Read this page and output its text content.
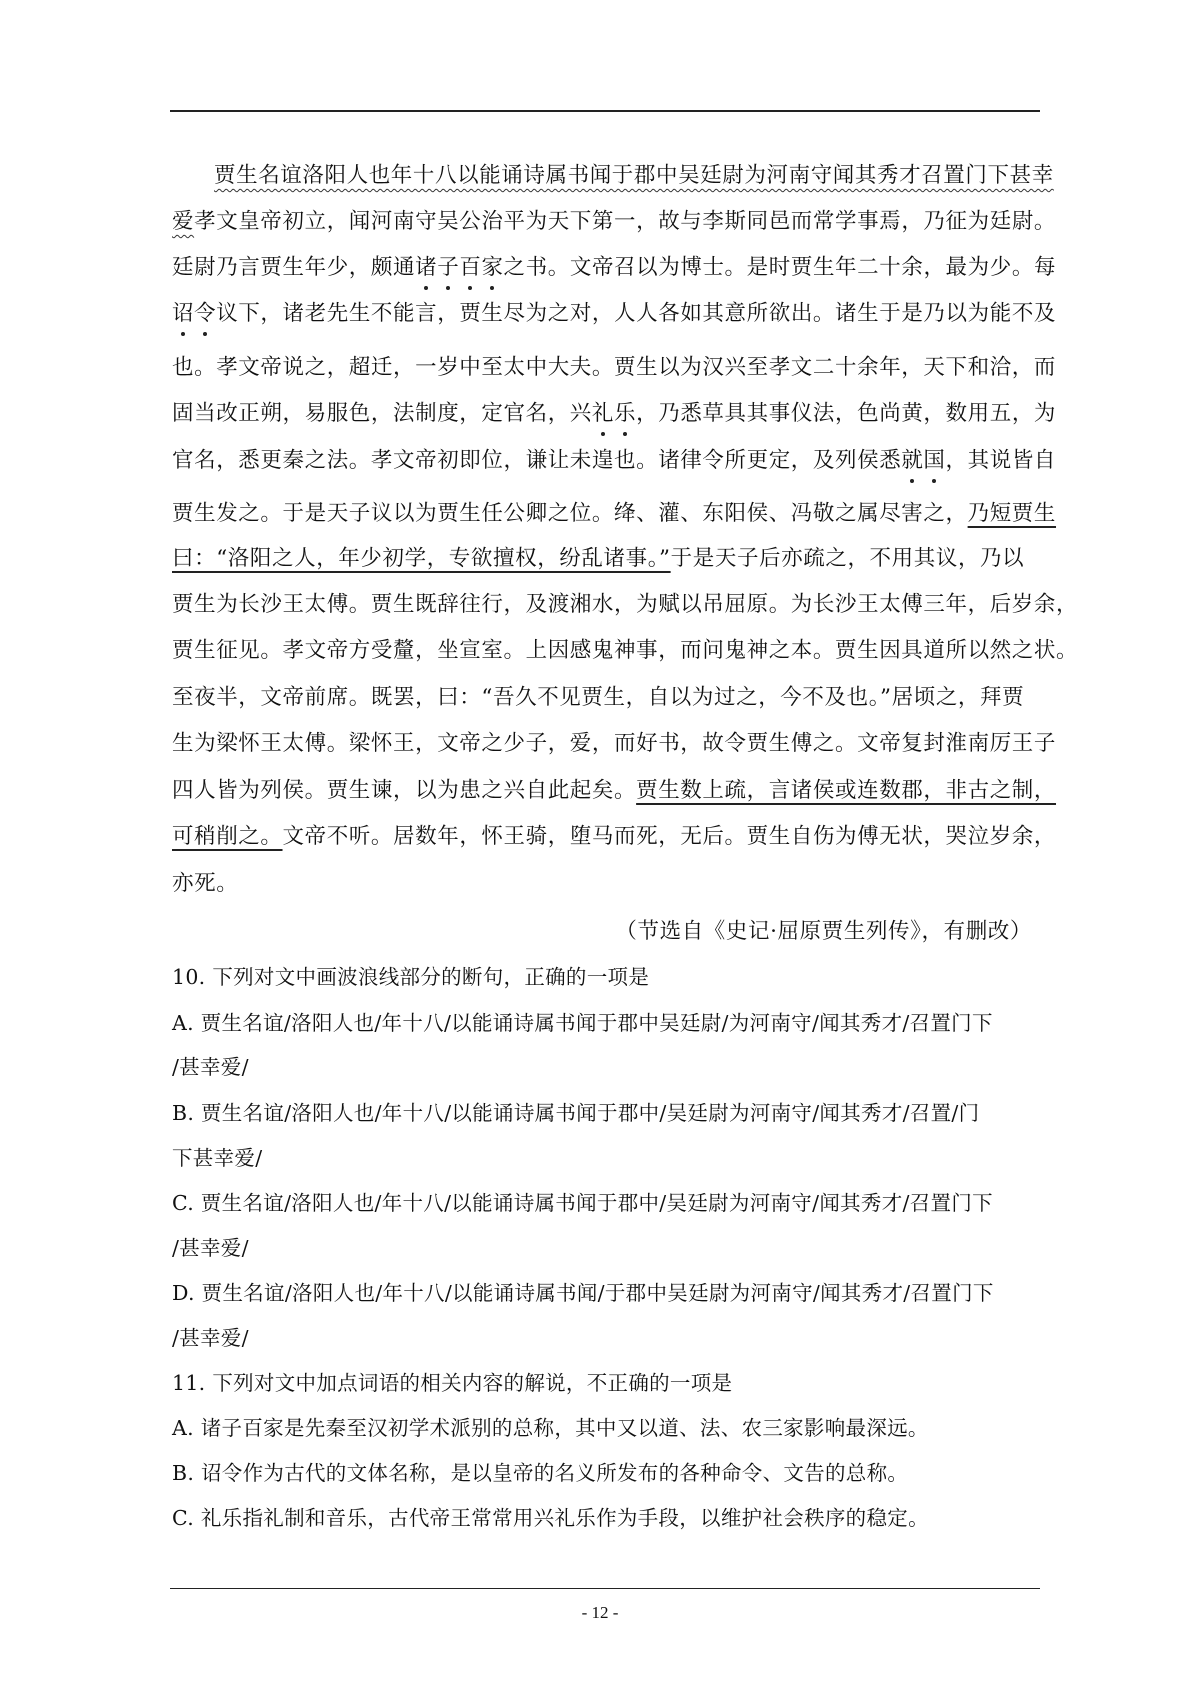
贾生名谊洛阳人也年十八以能诵诗属书闻于郡中吴廷尉为河南守闻其秀才召置门下甚幸
爱孝文皇帝初立，闻河南守吴公治平为天下第一，故与李斯同邑而常学事焉，乃征为廷尉。
廷尉乃言贾生年少，颇通诸子百家之书。文帝召以为博士。是时贾生年二十余，最为少。每
诏令议下，诸老先生不能言，贾生尽为之对，人人各如其意所欲出。诸生于是乃以为能不及
也。孝文帝说之，超迁，一岁中至太中大夫。贾生以为汉兴至孝文二十余年，天下和洽，而
固当改正朔，易服色，法制度，定官名，兴礼乐，乃悉草具其事仪法，色尚黄，数用五，为
官名，悉更秦之法。孝文帝初即位，谦让未遑也。诸律令所更定，及列侯悉就国，其说皆自
贾生发之。于是天子议以为贾生任公卿之位。绛、灌、东阳侯、冯敬之属尽害之，乃短贾生
曰：“洛阳之人，年少初学，专欲擅权，纷乱诸事。”于是天子后亦疏之，不用其议，乃以
贾生为长沙王太傅。贾生既辞往行，及渡湘水，为赋以吊屈原。为长沙王太傅三年，后岁余，
贾生征见。孝文帝方受釐，坐宣室。上因感鬼神事，而问鬼神之本。贾生因具道所以然之状。
至夜半，文帝前席。既罢，曰：“吾久不见贾生，自以为过之，今不及也。”居顷之，拜贾
生为梁怀王太傅。梁怀王，文帝之少子，爱，而好书，故令贾生傅之。文帝复封淮南厉王子
四人皆为列侯。贾生谏，以为患之兴自此起矣。贾生数上疏，言诸侯或连数郡，非古之制，
可稍削之。文帝不听。居数年，怀王骑，堕马而死，无后。贾生自伤为傅无状，哭泣岁余，
亦死。
（节选自《史记·屈原贾生列传》，有删改）
10. 下列对文中画波浪线部分的断句，正确的一项是
A. 贾生名谊/洛阳人也/年十八/以能诵诗属书闻于郡中吴廷尉/为河南守/闻其秀才/召置门下
/甚幸爱/
B. 贾生名谊/洛阳人也/年十八/以能诵诗属书闻于郡中/吴廷尉为河南守/闻其秀才/召置/门
下甚幸爱/
C. 贾生名谊/洛阳人也/年十八/以能诵诗属书闻于郡中/吴廷尉为河南守/闻其秀才/召置门下
/甚幸爱/
D. 贾生名谊/洛阳人也/年十八/以能诵诗属书闻/于郡中吴廷尉为河南守/闻其秀才/召置门下
/甚幸爱/
11. 下列对文中加点词语的相关内容的解说，不正确的一项是
A. 诸子百家是先秦至汉初学术派别的总称，其中又以道、法、农三家影响最深远。
B. 诏令作为古代的文体名称，是以皇帝的名义所发布的各种命令、文告的总称。
C. 礼乐指礼制和音乐，古代帝王常常用兴礼乐作为手段，以维护社会秩序的稳定。
- 12 -
